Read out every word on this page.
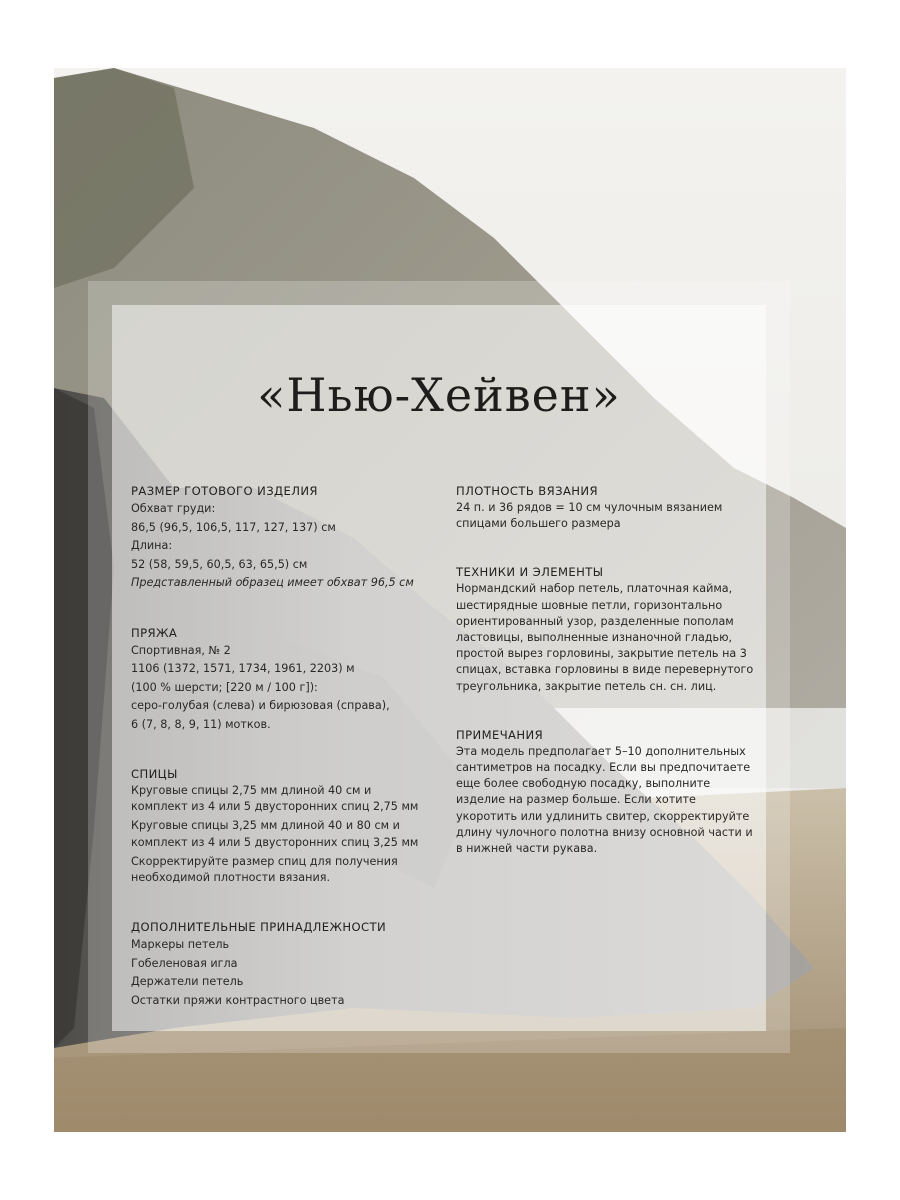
«Нью-Хейвен»
РАЗМЕР ГОТОВОГО ИЗДЕЛИЯ
Обхват груди:
86,5 (96,5, 106,5, 117, 127, 137) см
Длина:
52 (58, 59,5, 60,5, 63, 65,5) см
Представленный образец имеет обхват 96,5 см
ПРЯЖА
Спортивная, № 2
1106 (1372, 1571, 1734, 1961, 2203) м
(100 % шерсти; [220 м / 100 г]):
серо-голубая (слева) и бирюзовая (справа),
6 (7, 8, 8, 9, 11) мотков.
СПИЦЫ

Круговые спицы 2,75 мм длиной 40 см и комплект из 4 или 5 двусторонних спиц 2,75 мм

Круговые спицы 3,25 мм длиной 40 и 80 см и комплект из 4 или 5 двусторонних спиц 3,25 мм

Скорректируйте размер спиц для получения необходимой плотности вязания.

ДОПОЛНИТЕЛЬНЫЕ ПРИНАДЛЕЖНОСТИ
Маркеры петель
Гобеленовая игла
Держатели петель
Остатки пряжи контрастного цвета
ПЛОТНОСТЬ ВЯЗАНИЯ

24 п. и 36 рядов = 10 см чулочным вязанием спицами большего размера

ТЕХНИКИ И ЭЛЕМЕНТЫ

Нормандский набор петель, платочная кайма, шестирядные шовные петли, горизонтально ориентированный узор, разделенные пополам ластовицы, выполненные изнаночной гладью, простой вырез горловины, закрытие петель на 3 спицах, вставка горловины в виде перевернутого треугольника, закрытие петель сн. сн. лиц.

ПРИМЕЧАНИЯ

Эта модель предполагает 5–10 дополнительных сантиметров на посадку. Если вы предпочитаете еще более свободную посадку, выполните изделие на размер больше. Если хотите укоротить или удлинить свитер, скорректируйте длину чулочного полотна внизу основной части и в нижней части рукава.
